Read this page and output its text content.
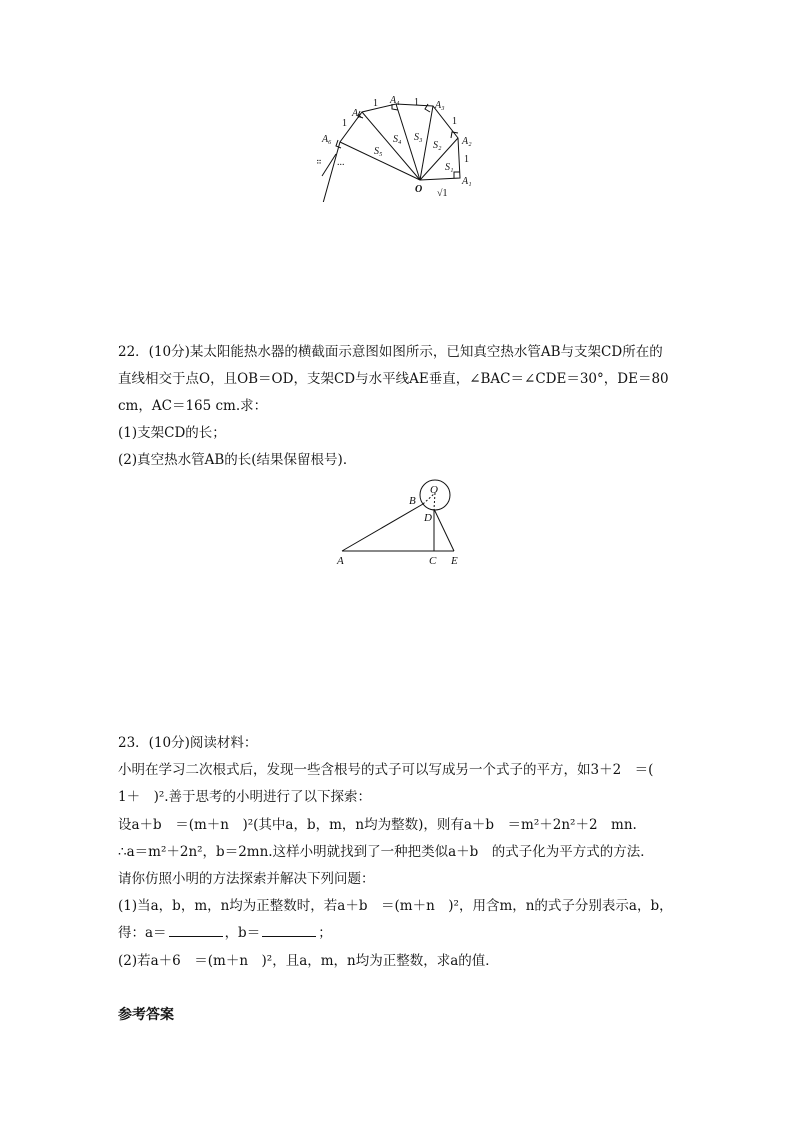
A₁
A₂
A₃
A₄
A₅
A₆
O
S₁
S₂
S₃
S₄
S₅
1
1
1
1
1
√1
...
⠶
22．(10分)某太阳能热水器的横截面示意图如图所示，已知真空热水管AB与支架CD所在的
直线相交于点O，且OB＝OD，支架CD与水平线AE垂直，∠BAC＝∠CDE＝30°，DE＝80
cm，AC＝165 cm.求：
(1)支架CD的长；
(2)真空热水管AB的长(结果保留根号)．
A
B
C
D
E
O
23．(10分)阅读材料：
小明在学习二次根式后，发现一些含根号的式子可以写成另一个式子的平方，如3＋2　＝(
1＋　)².善于思考的小明进行了以下探索：
设a＋b　＝(m＋n　)²(其中a，b，m，n均为整数)，则有a＋b　＝m²＋2n²＋2　mn.
∴a＝m²＋2n²，b＝2mn.这样小明就找到了一种把类似a＋b　的式子化为平方式的方法．
请你仿照小明的方法探索并解决下列问题：
(1)当a，b，m，n均为正整数时，若a＋b　＝(m＋n　)²，用含m，n的式子分别表示a，b，
得：a＝	，b＝	；
(2)若a＋6　＝(m＋n　)²，且a，m，n均为正整数，求a的值．
参考答案
